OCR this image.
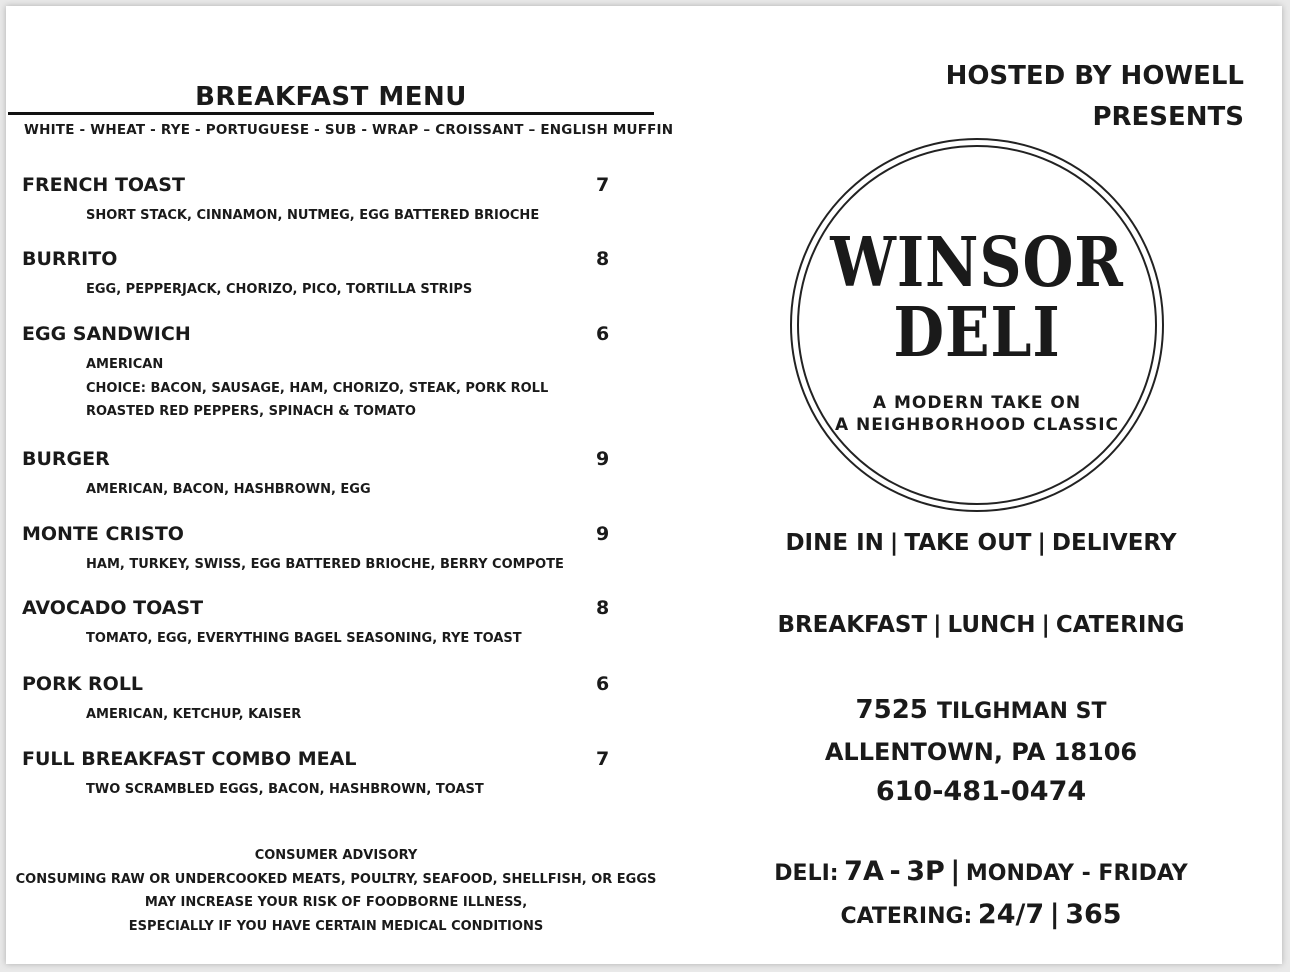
BREAKFAST MENU
WHITE - WHEAT - RYE - PORTUGUESE - SUB - WRAP – CROISSANT – ENGLISH MUFFIN
FRENCH TOAST	7
SHORT STACK, CINNAMON, NUTMEG, EGG BATTERED BRIOCHE
BURRITO	8
EGG, PEPPERJACK, CHORIZO, PICO, TORTILLA STRIPS
EGG SANDWICH	6
AMERICAN
CHOICE: BACON, SAUSAGE, HAM, CHORIZO, STEAK, PORK ROLL
ROASTED RED PEPPERS, SPINACH & TOMATO
BURGER	9
AMERICAN, BACON, HASHBROWN, EGG
MONTE CRISTO	9
HAM, TURKEY, SWISS, EGG BATTERED BRIOCHE, BERRY COMPOTE
AVOCADO TOAST	8
TOMATO, EGG, EVERYTHING BAGEL SEASONING, RYE TOAST
PORK ROLL	6
AMERICAN, KETCHUP, KAISER
FULL BREAKFAST COMBO MEAL	7
TWO SCRAMBLED EGGS, BACON, HASHBROWN, TOAST
CONSUMER ADVISORY
CONSUMING RAW OR UNDERCOOKED MEATS, POULTRY, SEAFOOD, SHELLFISH, OR EGGS
MAY INCREASE YOUR RISK OF FOODBORNE ILLNESS,
ESPECIALLY IF YOU HAVE CERTAIN MEDICAL CONDITIONS
HOSTED BY HOWELL
PRESENTS
WINSOR
DELI
A MODERN TAKE ON
A NEIGHBORHOOD CLASSIC
DINE IN | TAKE OUT | DELIVERY
BREAKFAST | LUNCH | CATERING
7525 TILGHMAN ST
ALLENTOWN, PA 18106
610-481-0474
DELI: 7A - 3P | MONDAY - FRIDAY
CATERING: 24/7 | 365
